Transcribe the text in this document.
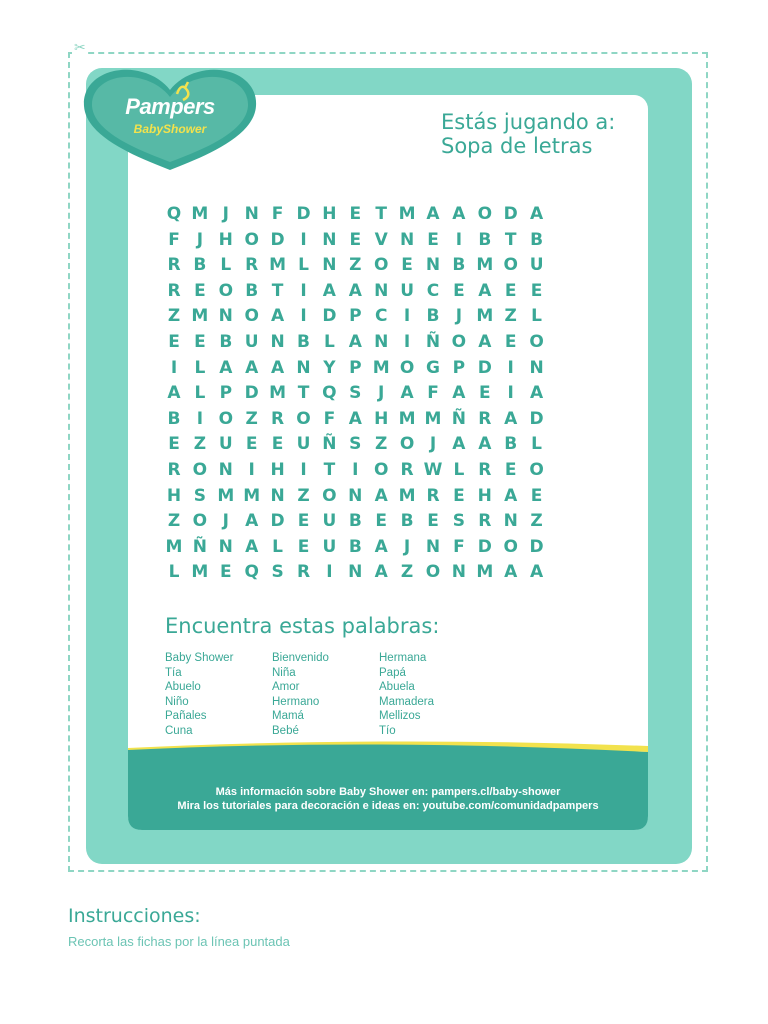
✂
Pampers
BabyShower	Estás jugando a:
Sopa de letras
Q M J N F D H E T M A A O D A
F J H O D I N E V N E I B T B
R B L R M L N Z O E N B M O U
R E O B T I A A N U C E A E E
Z M N O A I D P C I B J M Z L
E E B U N B L A N I Ñ O A E O
I	L A A A N Y P M O G P D I N
A L P D M T Q S J A F A E I A
B I O Z R O F A H M M Ñ R A D
E Z U E E U Ñ S Z O J A A B L
R O N I H I T I O R W L R E O
H S M M N Z O N A M R E H A E
Z O J A D E U B E B E S R N Z
M Ñ N A L E U B A J N F D O D
L M E Q S R I N A Z O N M A A
Encuentra estas palabras:
Baby Shower
Tía
Abuelo
Niño
Pañales
Cuna
Bienvenido
Niña
Amor
Hermano
Mamá
Bebé
Hermana
Papá
Abuela
Mamadera
Mellizos
Tío
Más información sobre Baby Shower en: pampers.cl/baby-shower
Mira los tutoriales para decoración e ideas en: youtube.com/comunidadpampers
Instrucciones:
Recorta las fichas por la línea puntada
